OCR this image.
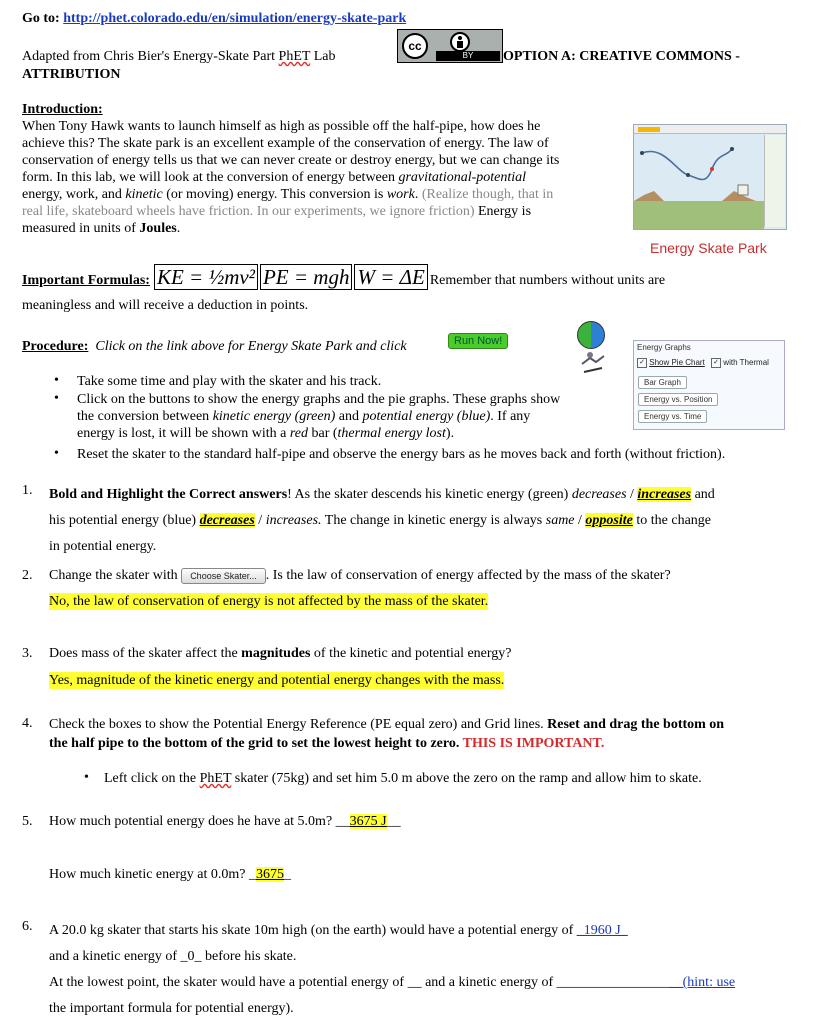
Go to: http://phet.colorado.edu/en/simulation/energy-skate-park
Adapted from Chris Bier's Energy-Skate Part PhET Lab
cc
BY	OPTION A: CREATIVE COMMONS -
ATTRIBUTION
Introduction:
When Tony Hawk wants to launch himself as high as possible off the half-pipe, how does he
achieve this? The skate park is an excellent example of the conservation of energy. The law of
conservation of energy tells us that we can never create or destroy energy, but we can change its
form. In this lab, we will look at the conversion of energy between gravitational-potential
energy, work, and kinetic (or moving) energy. This conversion is work. (Realize though, that in
real life, skateboard wheels have friction. In our experiments, we ignore friction) Energy is
measured in units of Joules.
Energy Skate Park
Important Formulas: KE = ½mv² PE = mgh W = ΔE Remember that numbers without units are
meaningless and will receive a deduction in points.
Procedure: Click on the link above for Energy Skate Park and click	Run Now!
Energy Graphs
✓ Show Pie Chart ✓ with Thermal
Bar Graph
Energy vs. Position
Energy vs. Time
• Take some time and play with the skater and his track.
• Click on the buttons to show the energy graphs and the pie graphs. These graphs show
the conversion between kinetic energy (green) and potential energy (blue). If any
energy is lost, it will be shown with a red bar (thermal energy lost).
• Reset the skater to the standard half-pipe and observe the energy bars as he moves back and forth (without friction).
1. Bold and Highlight the Correct answers! As the skater descends his kinetic energy (green) decreases / increases and
his potential energy (blue) decreases / increases. The change in kinetic energy is always same / opposite to the change
in potential energy.
2. Change the skater with Choose Skater... . Is the law of conservation of energy affected by the mass of the skater?
No, the law of conservation of energy is not affected by the mass of the skater.
3. Does mass of the skater affect the magnitudes of the kinetic and potential energy?
Yes, magnitude of the kinetic energy and potential energy changes with the mass.
4. Check the boxes to show the Potential Energy Reference (PE equal zero) and Grid lines. Reset and drag the bottom on
the half pipe to the bottom of the grid to set the lowest height to zero. THIS IS IMPORTANT.
• Left click on the PhET skater (75kg) and set him 5.0 m above the zero on the ramp and allow him to skate.
5. How much potential energy does he have at 5.0m? __3675 J__
How much kinetic energy at 0.0m? _3675_
6. A 20.0 kg skater that starts his skate 10m high (on the earth) would have a potential energy of _1960 J_
and a kinetic energy of _0_ before his skate.
At the lowest point, the skater would have a potential energy of __ and a kinetic energy of __________________(hint: use
the important formula for potential energy).
